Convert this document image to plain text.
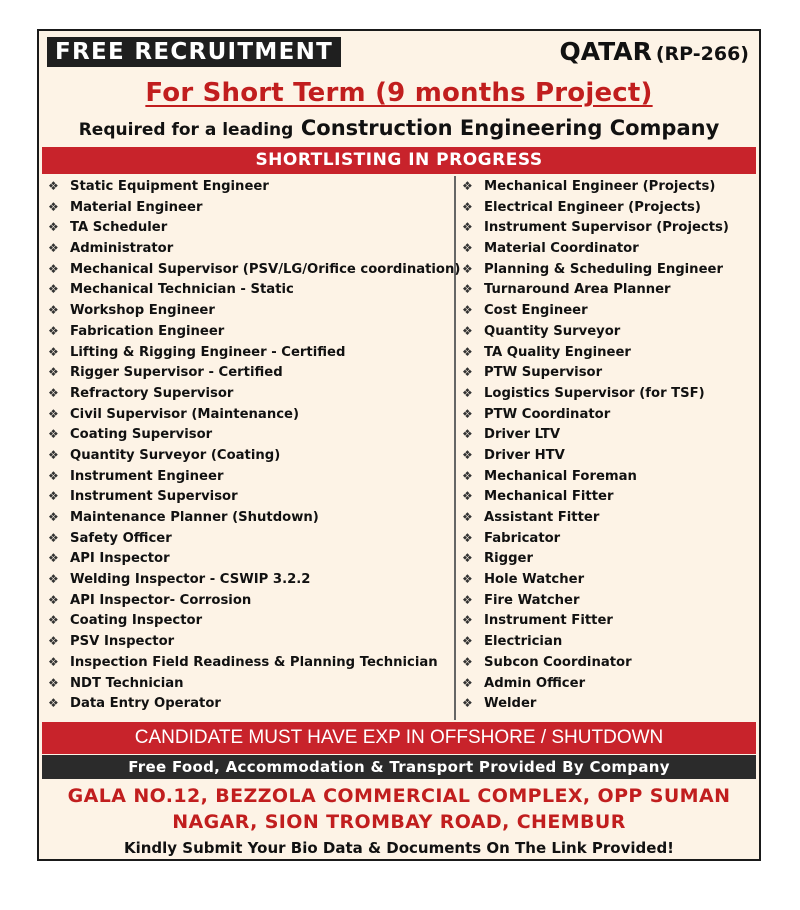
FREE RECRUITMENT	QATAR (RP-266)
For Short Term (9 months Project)
Required for a leading Construction Engineering Company
SHORTLISTING IN PROGRESS
❖ Static Equipment Engineer
❖ Material Engineer
❖ TA Scheduler
❖ Administrator
❖ Mechanical Supervisor (PSV/LG/Orifice coordination)
❖ Mechanical Technician - Static
❖ Workshop Engineer
❖ Fabrication Engineer
❖ Lifting & Rigging Engineer - Certified
❖ Rigger Supervisor - Certified
❖ Refractory Supervisor
❖ Civil Supervisor (Maintenance)
❖ Coating Supervisor
❖ Quantity Surveyor (Coating)
❖ Instrument Engineer
❖ Instrument Supervisor
❖ Maintenance Planner (Shutdown)
❖ Safety Officer
❖ API Inspector
❖ Welding Inspector - CSWIP 3.2.2
❖ API Inspector- Corrosion
❖ Coating Inspector
❖ PSV Inspector
❖ Inspection Field Readiness & Planning Technician
❖ NDT Technician
❖ Data Entry Operator
❖ Mechanical Engineer (Projects)
❖ Electrical Engineer (Projects)
❖ Instrument Supervisor (Projects)
❖ Material Coordinator
❖ Planning & Scheduling Engineer
❖ Turnaround Area Planner
❖ Cost Engineer
❖ Quantity Surveyor
❖ TA Quality Engineer
❖ PTW Supervisor
❖ Logistics Supervisor (for TSF)
❖ PTW Coordinator
❖ Driver LTV
❖ Driver HTV
❖ Mechanical Foreman
❖ Mechanical Fitter
❖ Assistant Fitter
❖ Fabricator
❖ Rigger
❖ Hole Watcher
❖ Fire Watcher
❖ Instrument Fitter
❖ Electrician
❖ Subcon Coordinator
❖ Admin Officer
❖ Welder
CANDIDATE MUST HAVE EXP IN OFFSHORE / SHUTDOWN
Free Food, Accommodation & Transport Provided By Company
GALA NO.12, BEZZOLA COMMERCIAL COMPLEX, OPP SUMAN
NAGAR, SION TROMBAY ROAD, CHEMBUR
Kindly Submit Your Bio Data & Documents On The Link Provided!
